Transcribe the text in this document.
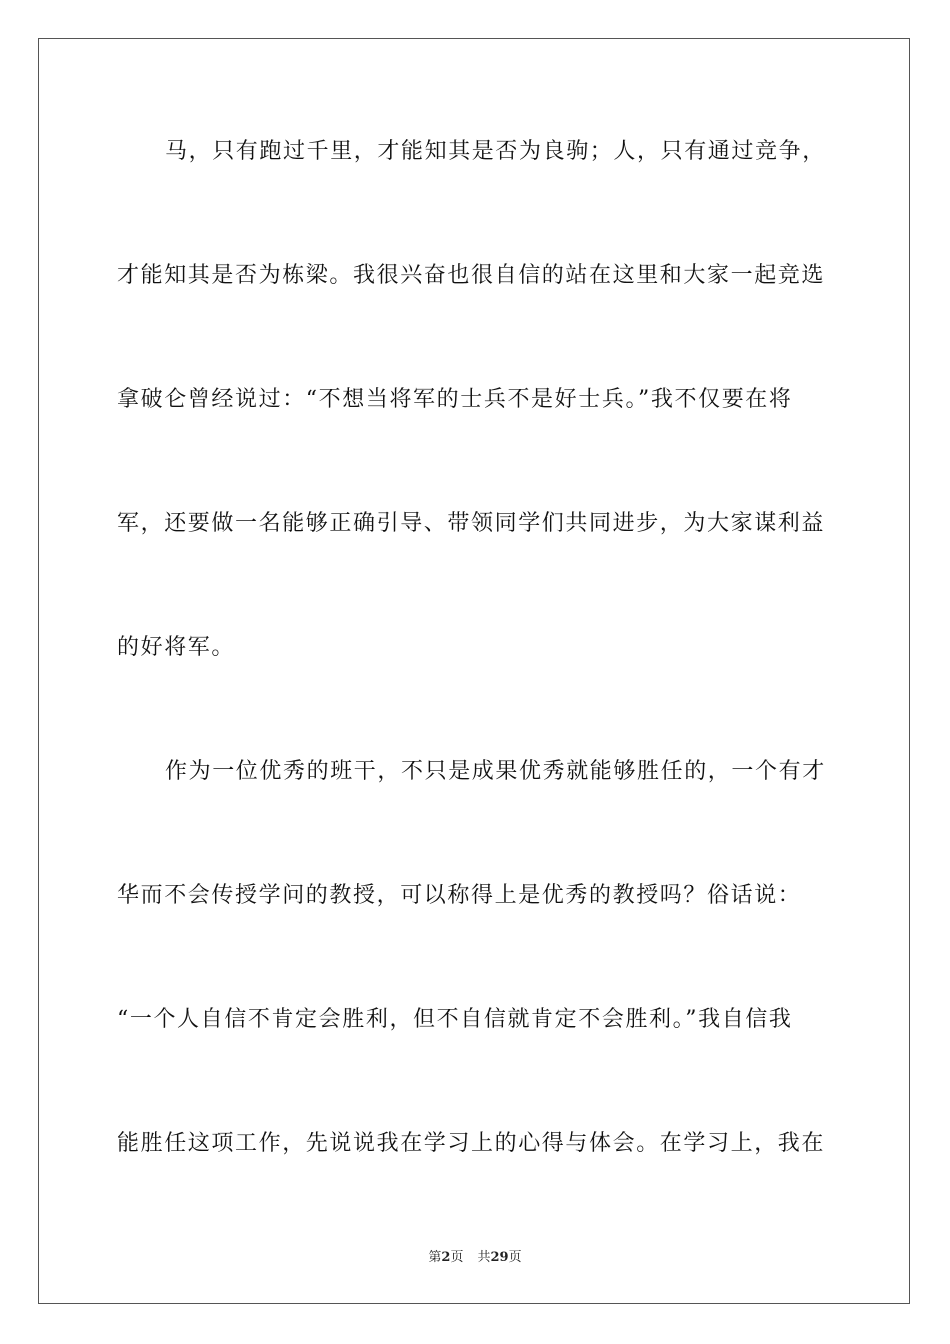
马，只有跑过千里，才能知其是否为良驹；人，只有通过竞争，
才能知其是否为栋梁。我很兴奋也很自信的站在这里和大家一起竞选
拿破仑曾经说过：“不想当将军的士兵不是好士兵。”我不仅要在将
军，还要做一名能够正确引导、带领同学们共同进步，为大家谋利益
的好将军。
作为一位优秀的班干，不只是成果优秀就能够胜任的，一个有才
华而不会传授学问的教授，可以称得上是优秀的教授吗？俗话说：
“一个人自信不肯定会胜利，但不自信就肯定不会胜利。”我自信我
能胜任这项工作，先说说我在学习上的心得与体会。在学习上，我在
第2页 共29页
